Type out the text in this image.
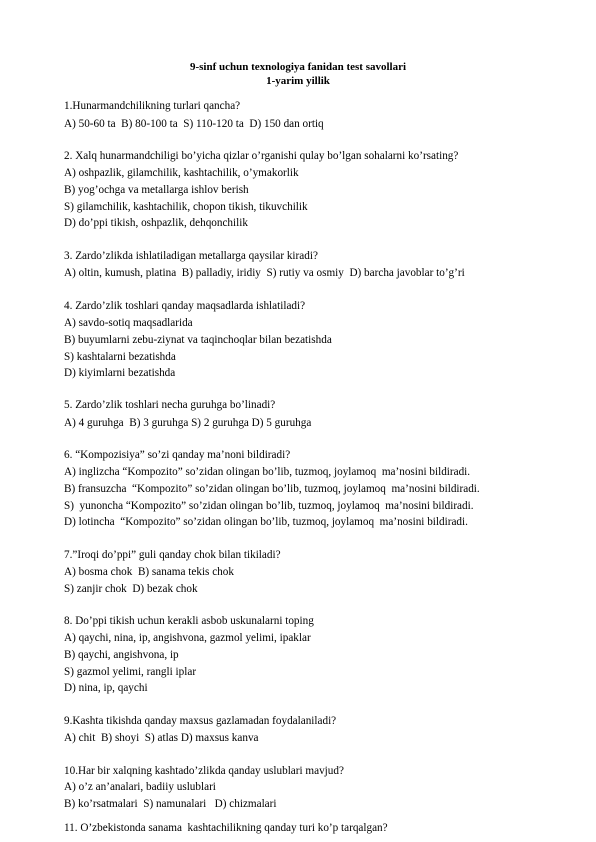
9-sinf uchun texnologiya fanidan test savollari
1-yarim yillik
1.Hunarmandchilikning turlari qancha?
A) 50-60 ta  B) 80-100 ta  S) 110-120 ta  D) 150 dan ortiq
2. Xalq hunarmandchiligi bo’yicha qizlar o’rganishi qulay bo’lgan sohalarni ko’rsating?
A) oshpazlik, gilamchilik, kashtachilik, o’ymakorlik
B) yog’ochga va metallarga ishlov berish
S) gilamchilik, kashtachilik, chopon tikish, tikuvchilik
D) do’ppi tikish, oshpazlik, dehqonchilik
3. Zardo’zlikda ishlatiladigan metallarga qaysilar kiradi?
A) oltin, kumush, platina  B) palladiy, iridiy  S) rutiy va osmiy  D) barcha javoblar to’g’ri
4. Zardo’zlik toshlari qanday maqsadlarda ishlatiladi?
A) savdo-sotiq maqsadlarida
B) buyumlarni zebu-ziynat va taqinchoqlar bilan bezatishda
S) kashtalarni bezatishda
D) kiyimlarni bezatishda
5. Zardo’zlik toshlari necha guruhga bo’linadi?
A) 4 guruhga  B) 3 guruhga S) 2 guruhga D) 5 guruhga
6. “Kompozisiya” so’zi qanday ma’noni bildiradi?
A) inglizcha “Kompozito” so’zidan olingan bo’lib, tuzmoq, joylamoq  ma’nosini bildiradi.
B) fransuzcha  “Kompozito” so’zidan olingan bo’lib, tuzmoq, joylamoq  ma’nosini bildiradi.
S)  yunoncha “Kompozito” so’zidan olingan bo’lib, tuzmoq, joylamoq  ma’nosini bildiradi.
D) lotincha  “Kompozito” so’zidan olingan bo’lib, tuzmoq, joylamoq  ma’nosini bildiradi.
7.”Iroqi do’ppi” guli qanday chok bilan tikiladi?
A) bosma chok  B) sanama tekis chok
S) zanjir chok  D) bezak chok
8. Do’ppi tikish uchun kerakli asbob uskunalarni toping
A) qaychi, nina, ip, angishvona, gazmol yelimi, ipaklar
B) qaychi, angishvona, ip
S) gazmol yelimi, rangli iplar
D) nina, ip, qaychi
9.Kashta tikishda qanday maxsus gazlamadan foydalaniladi?
A) chit  B) shoyi  S) atlas D) maxsus kanva
10.Har bir xalqning kashtado’zlikda qanday uslublari mavjud?
A) o’z an’analari, badiiy uslublari
B) ko’rsatmalari  S) namunalari   D) chizmalari
11. O’zbekistonda sanama  kashtachilikning qanday turi ko’p tarqalgan?
